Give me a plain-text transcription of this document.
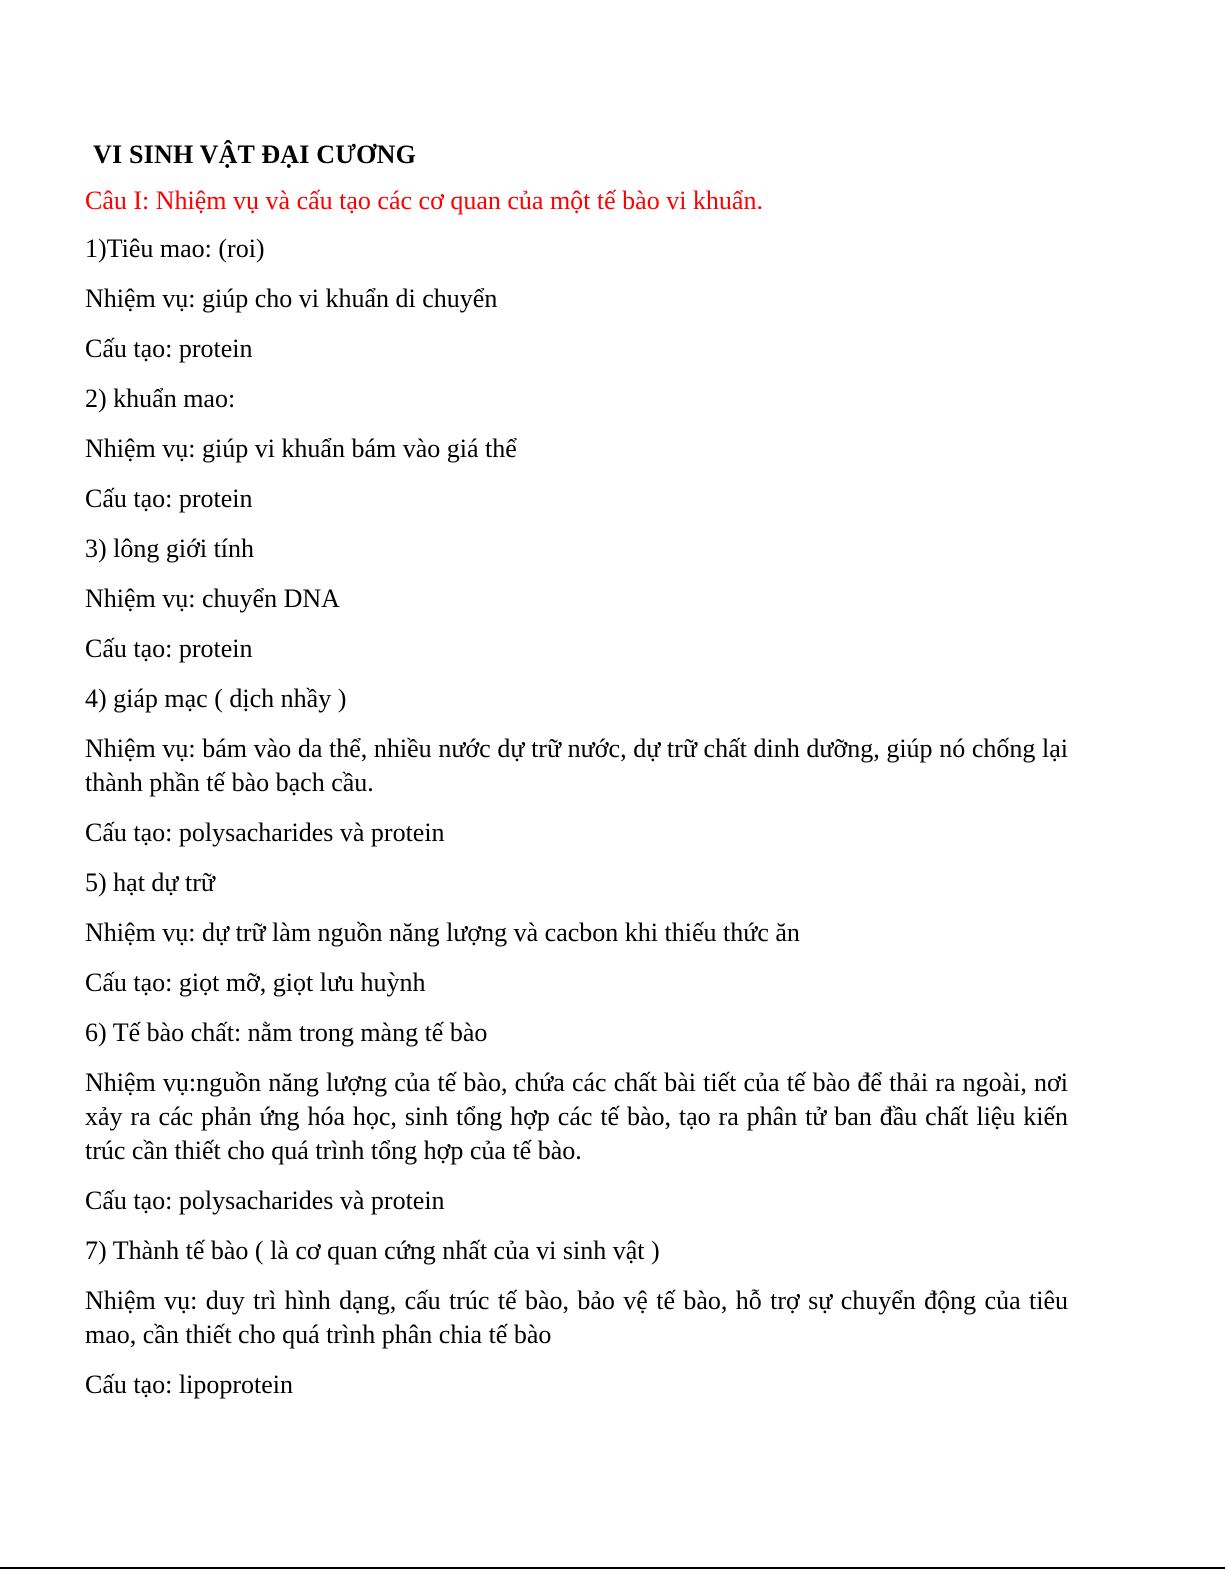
VI SINH VẬT ĐẠI CƯƠNG
Câu I: Nhiệm vụ và cấu tạo các cơ quan của một tế bào vi khuẩn.
1)Tiêu mao: (roi)
Nhiệm vụ: giúp cho vi khuẩn di chuyển
Cấu tạo: protein
2) khuẩn mao:
Nhiệm vụ: giúp vi khuẩn bám vào giá thể
Cấu tạo: protein
3) lông giới tính
Nhiệm vụ: chuyển DNA
Cấu tạo: protein
4) giáp mạc ( dịch nhầy )
Nhiệm vụ: bám vào da thể, nhiều nước dự trữ nước, dự trữ chất dinh dưỡng, giúp nó chống lại thành phần tế bào bạch cầu.
Cấu tạo: polysacharides và protein
5) hạt dự trữ
Nhiệm vụ: dự trữ làm nguồn năng lượng và cacbon khi thiếu thức ăn
Cấu tạo: giọt mỡ, giọt lưu huỳnh
6) Tế bào chất: nằm trong màng tế bào
Nhiệm vụ:nguồn năng lượng của tế bào, chứa các chất bài tiết của tế bào để thải ra ngoài, nơi xảy ra các phản ứng hóa học, sinh tổng hợp các tế bào, tạo ra phân tử ban đầu chất liệu kiến trúc cần thiết cho quá trình tổng hợp của tế bào.
Cấu tạo: polysacharides và protein
7) Thành tế bào ( là cơ quan cứng nhất của vi sinh vật )
Nhiệm vụ: duy trì hình dạng, cấu trúc tế bào, bảo vệ tế bào, hỗ trợ sự chuyển động của tiêu mao, cần thiết cho quá trình phân chia tế bào
Cấu tạo: lipoprotein
